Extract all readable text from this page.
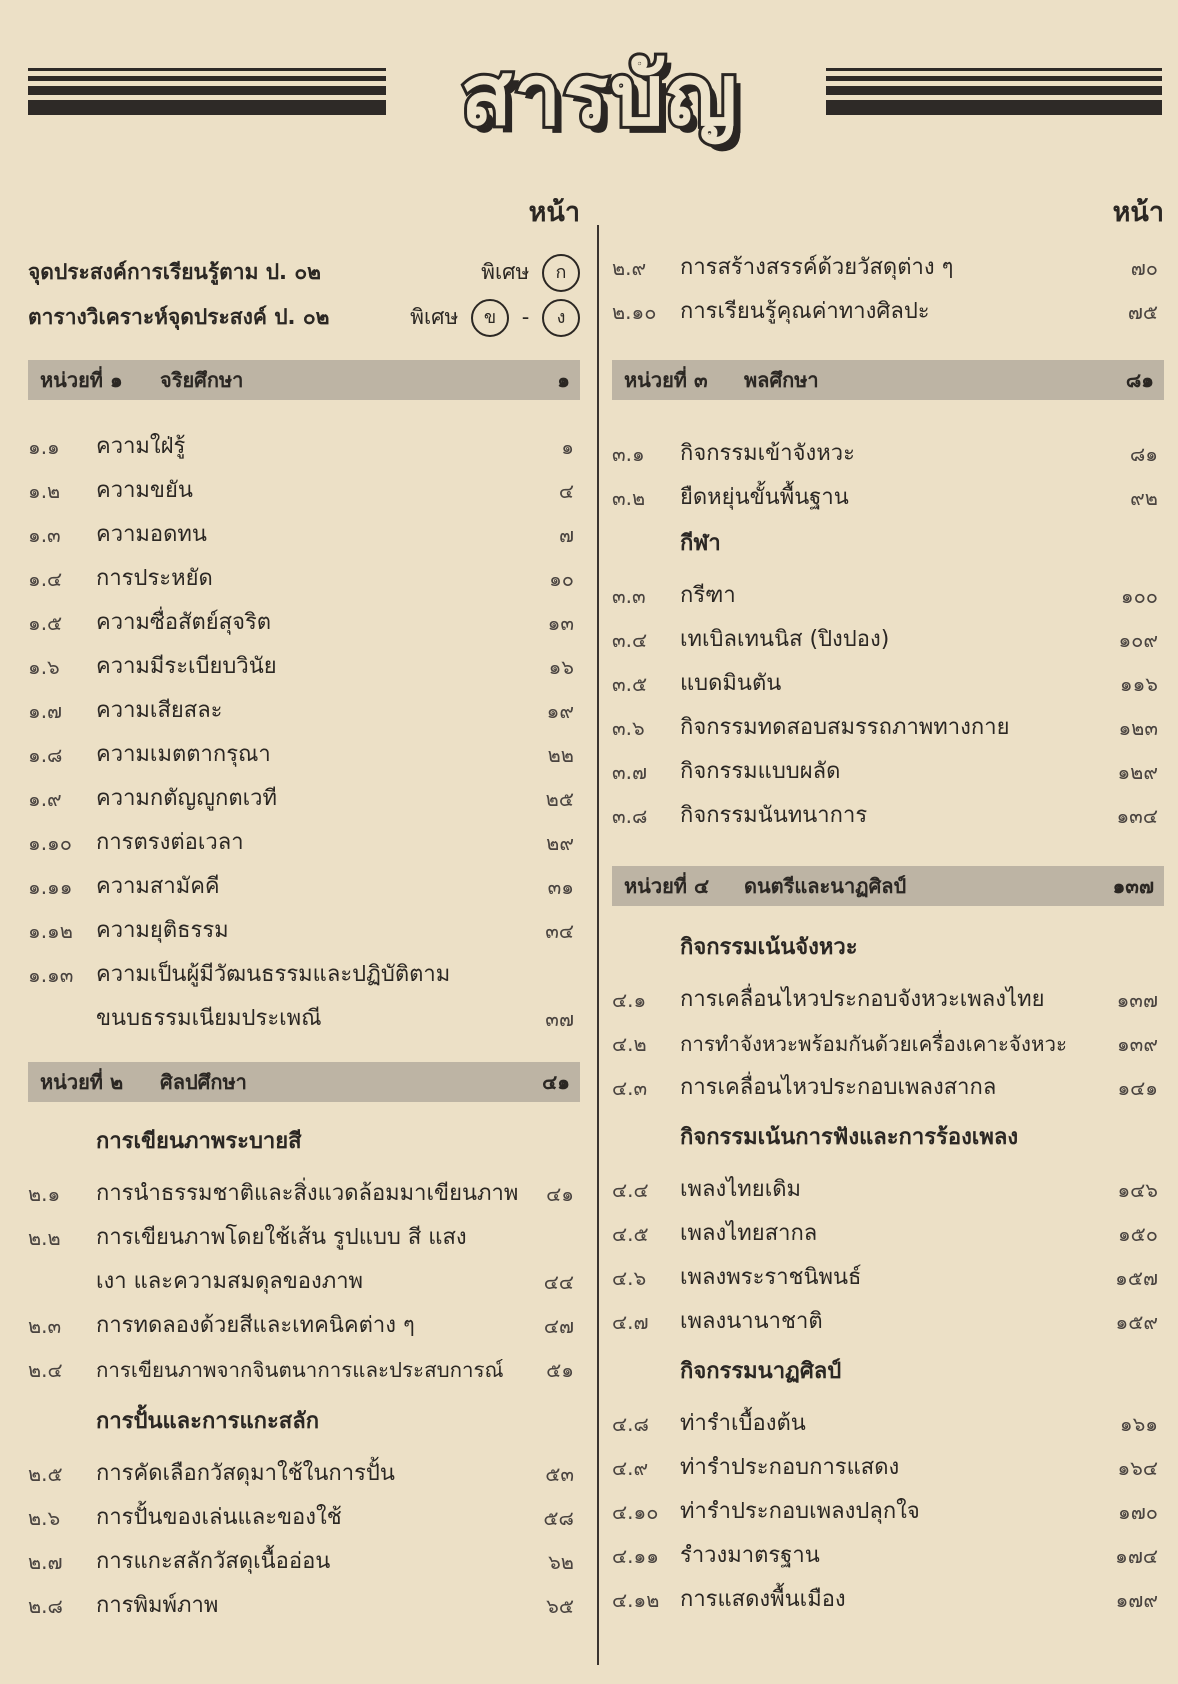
สารบัญ
หน้า
จุดประสงค์การเรียนรู้ตาม ป. ๐๒	พิเศษ ก
ตารางวิเคราะห์จุดประสงค์ ป. ๐๒	พิเศษ ข - ง
หน่วยที่ ๑ จริยศึกษา	๑
๑.๑ ความใฝ่รู้	๑
๑.๒ ความขยัน	๔
๑.๓ ความอดทน	๗
๑.๔ การประหยัด	๑๐
๑.๕ ความซื่อสัตย์สุจริต	๑๓
๑.๖ ความมีระเบียบวินัย	๑๖
๑.๗ ความเสียสละ	๑๙
๑.๘ ความเมตตากรุณา	๒๒
๑.๙ ความกตัญญูกตเวที	๒๕
๑.๑๐ การตรงต่อเวลา	๒๙
๑.๑๑ ความสามัคคี	๓๑
๑.๑๒ ความยุติธรรม	๓๔
๑.๑๓ ความเป็นผู้มีวัฒนธรรมและปฏิบัติตาม
ขนบธรรมเนียมประเพณี	๓๗
หน่วยที่ ๒ ศิลปศึกษา	๔๑
การเขียนภาพระบายสี
๒.๑ การนำธรรมชาติและสิ่งแวดล้อมมาเขียนภาพ ๔๑
๒.๒ การเขียนภาพโดยใช้เส้น รูปแบบ สี แสง
เงา และความสมดุลของภาพ	๔๔
๒.๓ การทดลองด้วยสีและเทคนิคต่าง ๆ	๔๗
๒.๔ การเขียนภาพจากจินตนาการและประสบการณ์ ๕๑
การปั้นและการแกะสลัก
๒.๕ การคัดเลือกวัสดุมาใช้ในการปั้น	๕๓
๒.๖ การปั้นของเล่นและของใช้	๕๘
๒.๗ การแกะสลักวัสดุเนื้ออ่อน	๖๒
๒.๘ การพิมพ์ภาพ	๖๕
หน้า
๒.๙ การสร้างสรรค์ด้วยวัสดุต่าง ๆ	๗๐
๒.๑๐ การเรียนรู้คุณค่าทางศิลปะ	๗๕
หน่วยที่ ๓ พลศึกษา	๘๑
๓.๑ กิจกรรมเข้าจังหวะ	๘๑
๓.๒ ยืดหยุ่นขั้นพื้นฐาน	๙๒
กีฬา
๓.๓ กรีฑา	๑๐๐
๓.๔ เทเบิลเทนนิส (ปิงปอง)	๑๐๙
๓.๕ แบดมินตัน	๑๑๖
๓.๖ กิจกรรมทดสอบสมรรถภาพทางกาย	๑๒๓
๓.๗ กิจกรรมแบบผลัด	๑๒๙
๓.๘ กิจกรรมนันทนาการ	๑๓๔
หน่วยที่ ๔ ดนตรีและนาฏศิลป์	๑๓๗
กิจกรรมเน้นจังหวะ
๔.๑ การเคลื่อนไหวประกอบจังหวะเพลงไทย	๑๓๗
๔.๒ การทำจังหวะพร้อมกันด้วยเครื่องเคาะจังหวะ	๑๓๙
๔.๓ การเคลื่อนไหวประกอบเพลงสากล	๑๔๑
กิจกรรมเน้นการฟังและการร้องเพลง
๔.๔ เพลงไทยเดิม	๑๔๖
๔.๕ เพลงไทยสากล	๑๕๐
๔.๖ เพลงพระราชนิพนธ์	๑๕๗
๔.๗ เพลงนานาชาติ	๑๕๙
กิจกรรมนาฏศิลป์
๔.๘ ท่ารำเบื้องต้น	๑๖๑
๔.๙ ท่ารำประกอบการแสดง	๑๖๔
๔.๑๐ ท่ารำประกอบเพลงปลุกใจ	๑๗๐
๔.๑๑ รำวงมาตรฐาน	๑๗๔
๔.๑๒ การแสดงพื้นเมือง	๑๗๙
